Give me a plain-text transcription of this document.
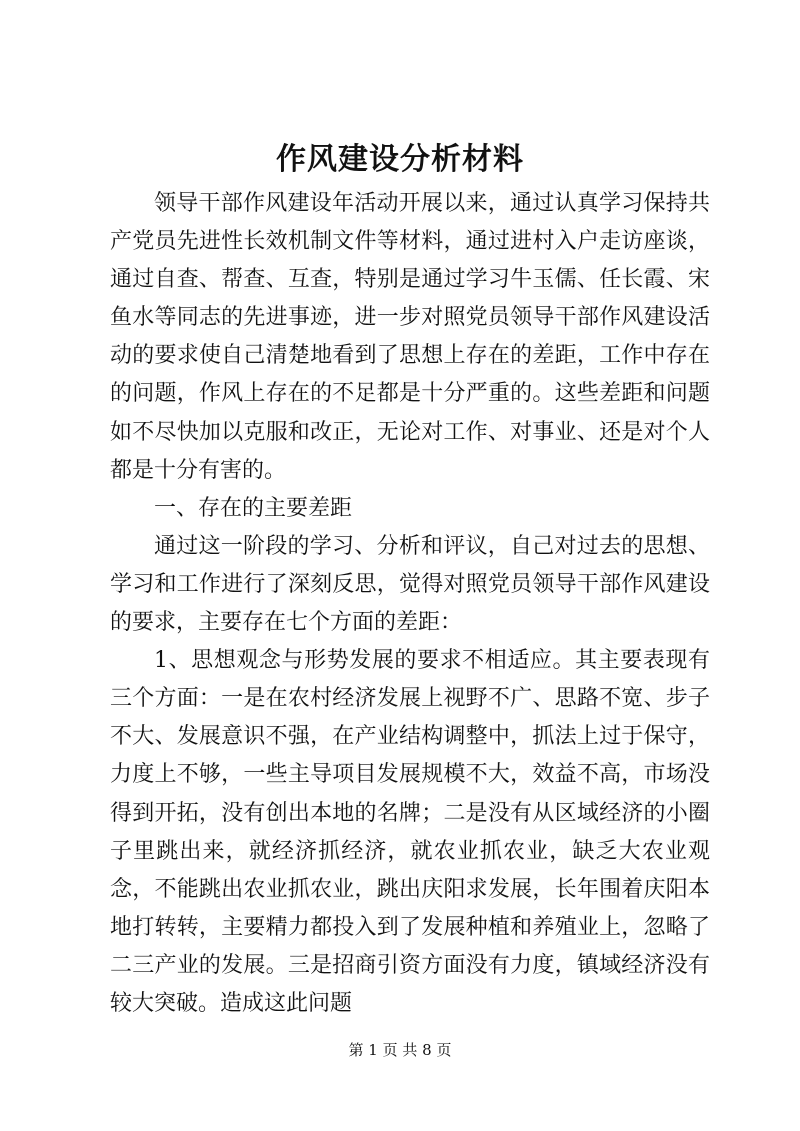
作风建设分析材料

领导干部作风建设年活动开展以来，通过认真学习保持共产党员先进性长效机制文件等材料，通过进村入户走访座谈，通过自查、帮查、互查，特别是通过学习牛玉儒、任长霞、宋鱼水等同志的先进事迹，进一步对照党员领导干部作风建设活动的要求使自己清楚地看到了思想上存在的差距，工作中存在的问题，作风上存在的不足都是十分严重的。这些差距和问题如不尽快加以克服和改正，无论对工作、对事业、还是对个人都是十分有害的。

一、存在的主要差距

通过这一阶段的学习、分析和评议，自己对过去的思想、学习和工作进行了深刻反思，觉得对照党员领导干部作风建设的要求，主要存在七个方面的差距：

1、思想观念与形势发展的要求不相适应。其主要表现有三个方面：一是在农村经济发展上视野不广、思路不宽、步子不大、发展意识不强，在产业结构调整中，抓法上过于保守，力度上不够，一些主导项目发展规模不大，效益不高，市场没得到开拓，没有创出本地的名牌；二是没有从区域经济的小圈子里跳出来，就经济抓经济，就农业抓农业，缺乏大农业观念，不能跳出农业抓农业，跳出庆阳求发展，长年围着庆阳本地打转转，主要精力都投入到了发展种植和养殖业上，忽略了二三产业的发展。三是招商引资方面没有力度，镇域经济没有较大突破。造成这此问题

第 1 页 共 8 页
